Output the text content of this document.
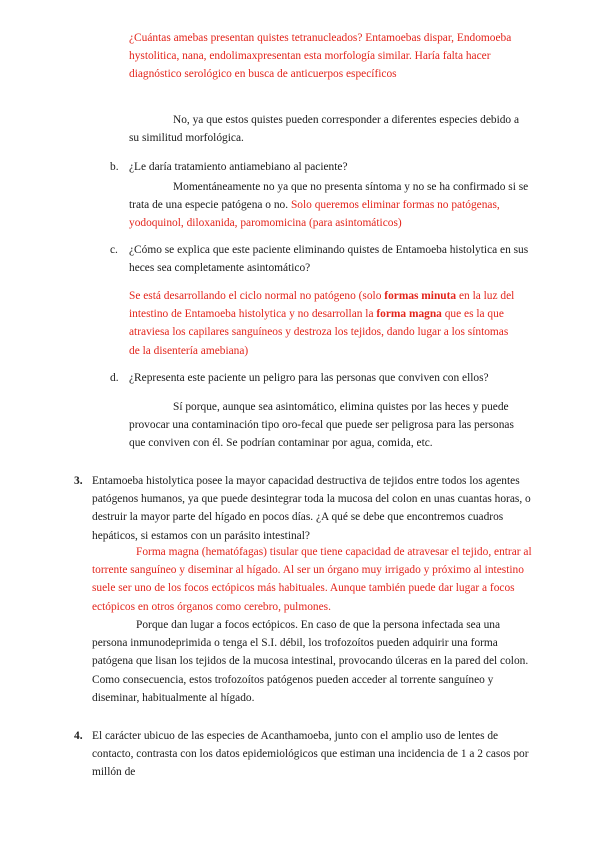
¿Cuántas amebas presentan quistes tetranucleados? Entamoebas dispar, Endomoeba hystolitica, nana, endolimaxpresentan esta morfología similar. Haría falta hacer diagnóstico serológico en busca de anticuerpos específicos

No, ya que estos quistes pueden corresponder a diferentes especies debido a su similitud morfológica.

b. ¿Le daría tratamiento antiamebiano al paciente?

Momentáneamente no ya que no presenta síntoma y no se ha confirmado si se trata de una especie patógena o no. Solo queremos eliminar formas no patógenas, yodoquinol, diloxanida, paromomicina (para asintomáticos)

c. ¿Cómo se explica que este paciente eliminando quistes de Entamoeba histolytica en sus heces sea completamente asintomático?

Se está desarrollando el ciclo normal no patógeno (solo formas minuta en la luz del intestino de Entamoeba histolytica y no desarrollan la forma magna que es la que atraviesa los capilares sanguíneos y destroza los tejidos, dando lugar a los síntomas de la disentería amebiana)

d. ¿Representa este paciente un peligro para las personas que conviven con ellos?

Sí porque, aunque sea asintomático, elimina quistes por las heces y puede provocar una contaminación tipo oro-fecal que puede ser peligrosa para las personas que conviven con él. Se podrían contaminar por agua, comida, etc.

3. Entamoeba histolytica posee la mayor capacidad destructiva de tejidos entre todos los agentes patógenos humanos, ya que puede desintegrar toda la mucosa del colon en unas cuantas horas, o destruir la mayor parte del hígado en pocos días. ¿A qué se debe que encontremos cuadros hepáticos, si estamos con un parásito intestinal?

Forma magna (hematófagas) tisular que tiene capacidad de atravesar el tejido, entrar al torrente sanguíneo y diseminar al hígado. Al ser un órgano muy irrigado y próximo al intestino suele ser uno de los focos ectópicos más habituales. Aunque también puede dar lugar a focos ectópicos en otros órganos como cerebro, pulmones.

Porque dan lugar a focos ectópicos. En caso de que la persona infectada sea una persona inmunodeprimida o tenga el S.I. débil, los trofozoítos pueden adquirir una forma patógena que lisan los tejidos de la mucosa intestinal, provocando úlceras en la pared del colon. Como consecuencia, estos trofozoítos patógenos pueden acceder al torrente sanguíneo y diseminar, habitualmente al hígado.

4. El carácter ubicuo de las especies de Acanthamoeba, junto con el amplio uso de lentes de contacto, contrasta con los datos epidemiológicos que estiman una incidencia de 1 a 2 casos por millón de
